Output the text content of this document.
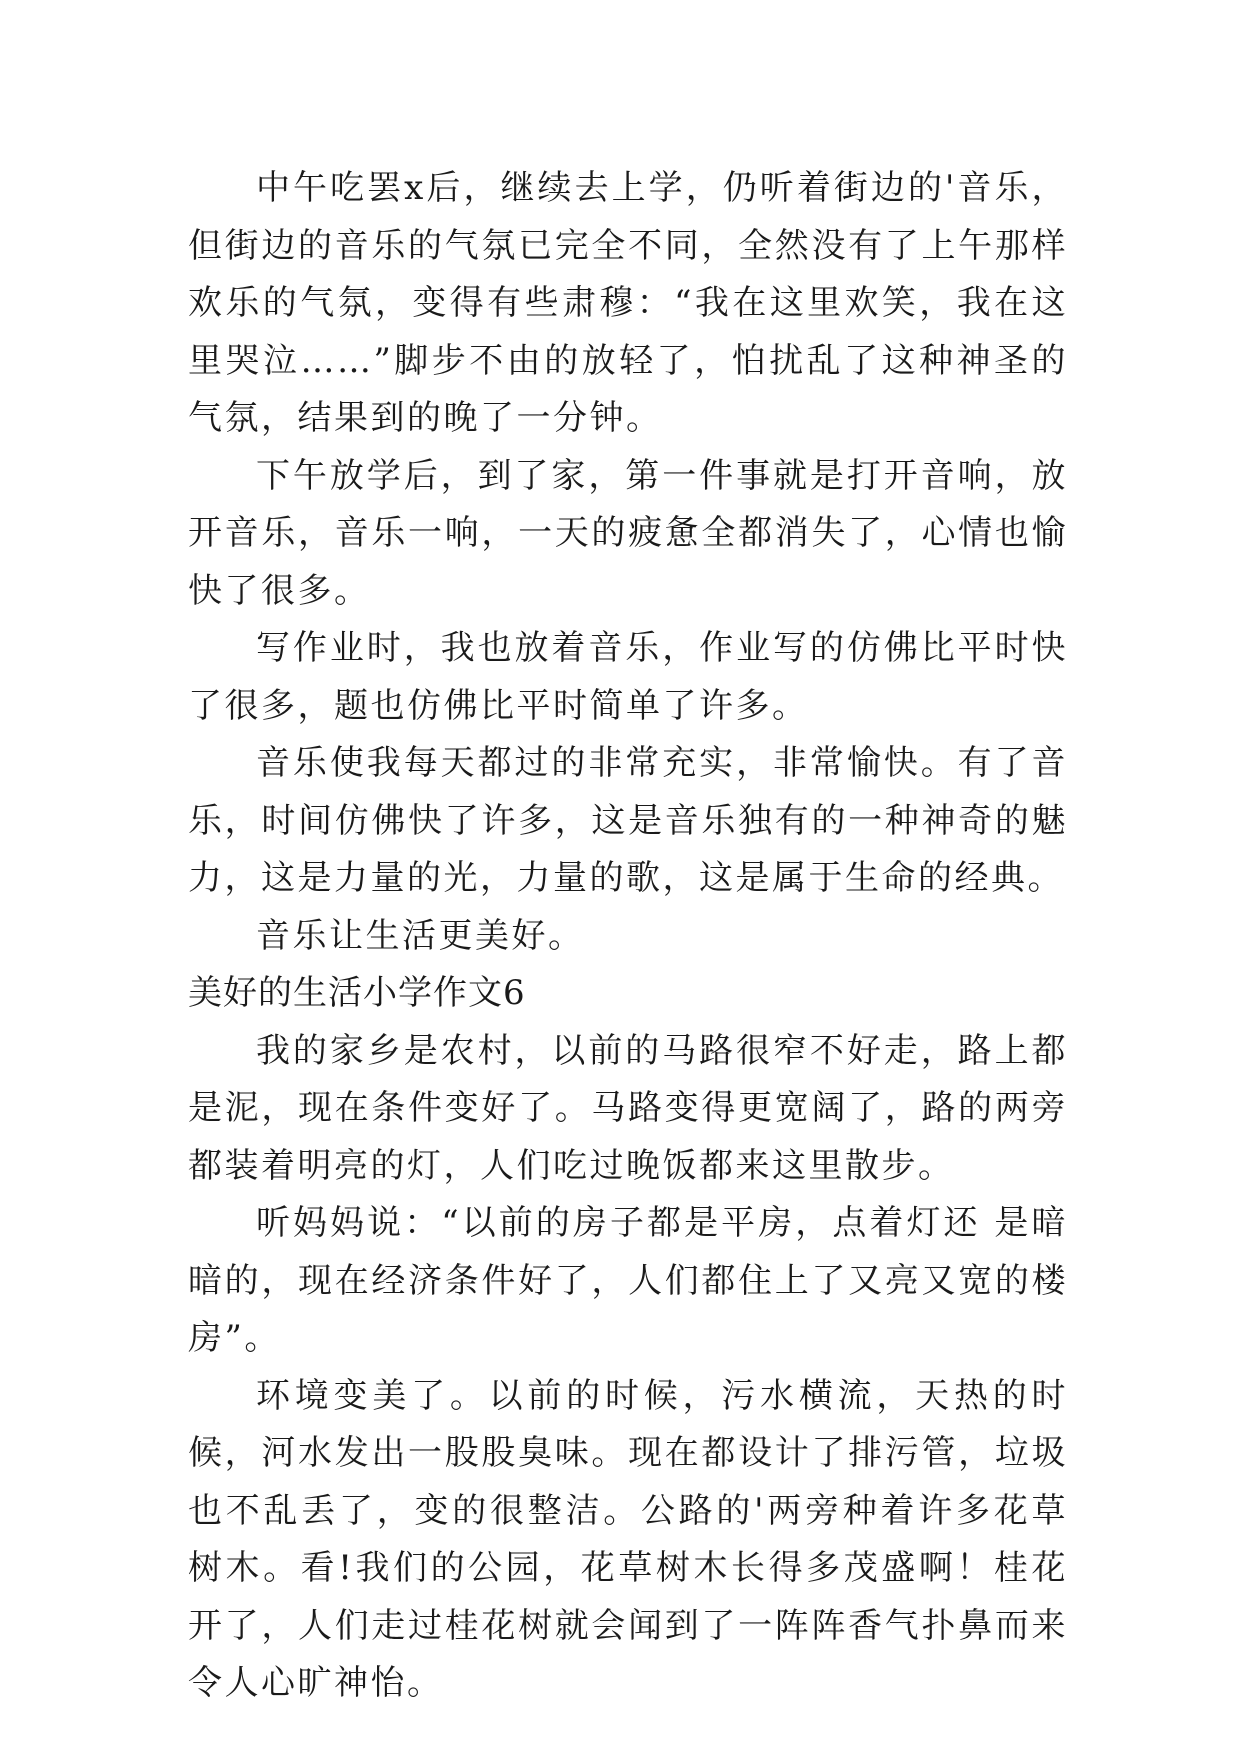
中午吃罢x后，继续去上学，仍听着街边的'音乐，但街边的音乐的气氛已完全不同，全然没有了上午那样欢乐的气氛，变得有些肃穆：“我在这里欢笑，我在这里哭泣……”脚步不由的放轻了，怕扰乱了这种神圣的气氛，结果到的晚了一分钟。

下午放学后，到了家，第一件事就是打开音响，放开音乐，音乐一响，一天的疲惫全都消失了，心情也愉快了很多。

写作业时，我也放着音乐，作业写的仿佛比平时快了很多，题也仿佛比平时简单了许多。

音乐使我每天都过的非常充实，非常愉快。有了音乐，时间仿佛快了许多，这是音乐独有的一种神奇的魅力，这是力量的光，力量的歌，这是属于生命的经典。

音乐让生活更美好。

美好的生活小学作文6

我的家乡是农村，以前的马路很窄不好走，路上都是泥，现在条件变好了。马路变得更宽阔了，路的两旁都装着明亮的灯，人们吃过晚饭都来这里散步。

听妈妈说：“以前的房子都是平房，点着灯还 是暗暗的，现在经济条件好了，人们都住上了又亮又宽的楼房”。

环境变美了。以前的时候，污水横流，天热的时候，河水发出一股股臭味。现在都设计了排污管，垃圾也不乱丢了，变的很整洁。公路的'两旁种着许多花草树木。看!我们的公园，花草树木长得多茂盛啊！桂花开了，人们走过桂花树就会闻到了一阵阵香气扑鼻而来令人心旷神怡。
